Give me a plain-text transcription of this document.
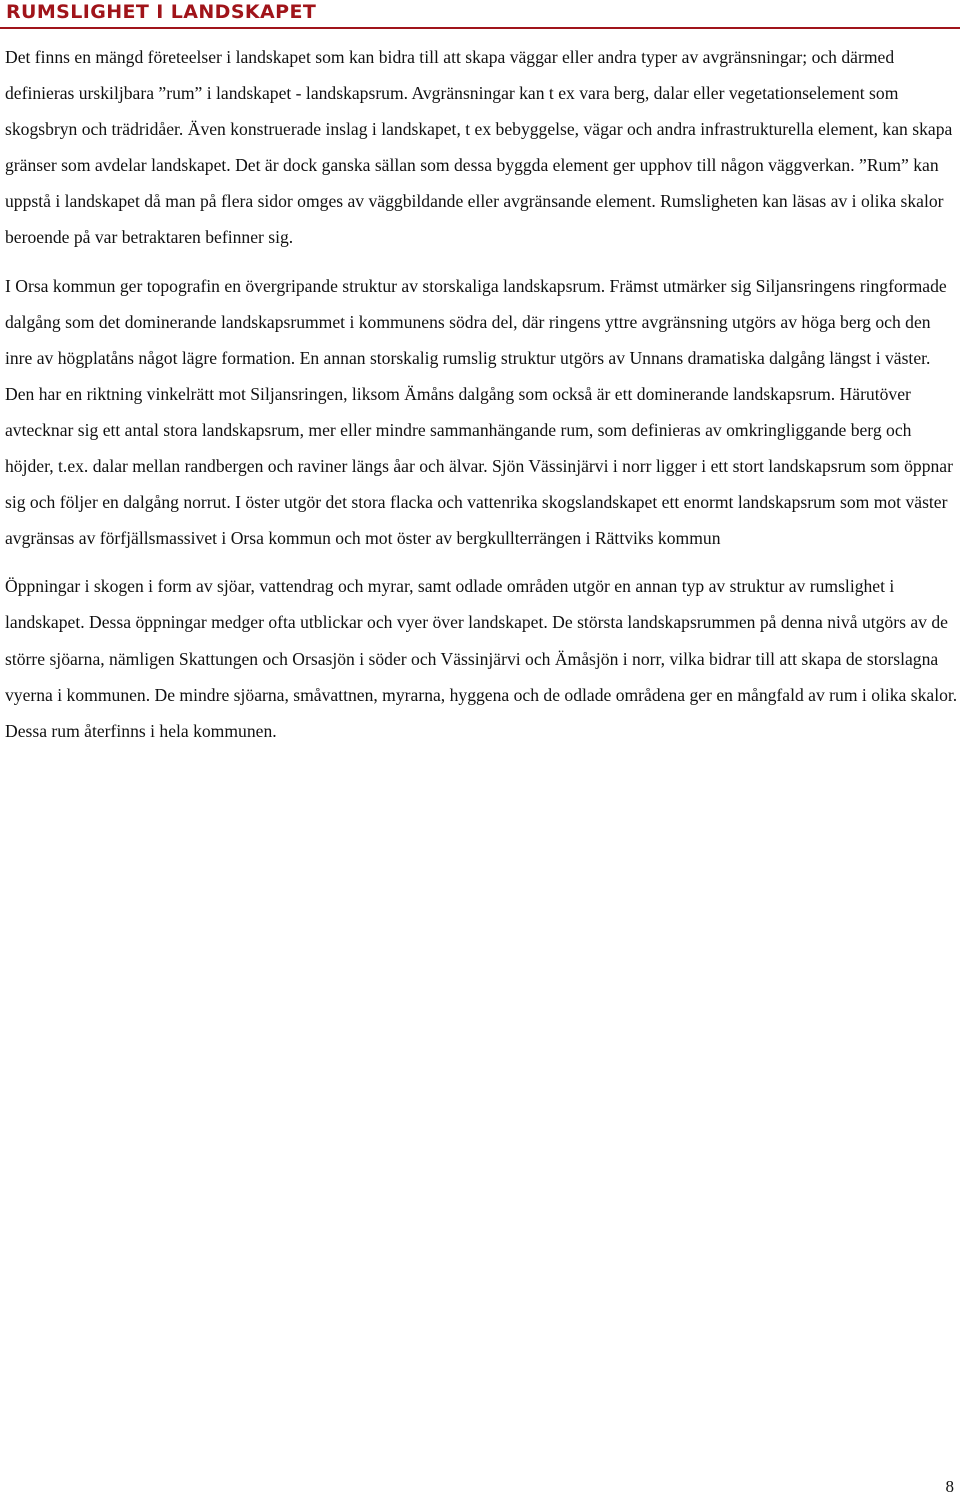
RUMSLIGHET I LANDSKAPET

Det finns en mängd företeelser i landskapet som kan bidra till att skapa väggar eller andra typer av avgränsningar; och därmed definieras urskiljbara ”rum” i landskapet - landskapsrum. Avgränsningar kan t ex vara berg, dalar eller vegetationselement som skogsbryn och trädridåer. Även konstruerade inslag i landskapet, t ex bebyggelse, vägar och andra infrastrukturella element, kan skapa gränser som avdelar landskapet. Det är dock ganska sällan som dessa byggda element ger upphov till någon väggverkan. ”Rum” kan uppstå i landskapet då man på flera sidor omges av väggbildande eller avgränsande element. Rumsligheten kan läsas av i olika skalor beroende på var betraktaren befinner sig.

I Orsa kommun ger topografin en övergripande struktur av storskaliga landskapsrum. Främst utmärker sig Siljansringens ringformade dalgång som det dominerande landskapsrummet i kommunens södra del, där ringens yttre avgränsning utgörs av höga berg och den inre av högplatåns något lägre formation. En annan storskalig rumslig struktur utgörs av Unnans dramatiska dalgång längst i väster. Den har en riktning vinkelrätt mot Siljansringen, liksom Ämåns dalgång som också är ett dominerande landskapsrum. Härutöver avtecknar sig ett antal stora landskapsrum, mer eller mindre sammanhängande rum, som definieras av omkringliggande berg och höjder, t.ex. dalar mellan randbergen och raviner längs åar och älvar. Sjön Vässinjärvi i norr ligger i ett stort landskapsrum som öppnar sig och följer en dalgång norrut. I öster utgör det stora flacka och vattenrika skogslandskapet ett enormt landskapsrum som mot väster avgränsas av förfjällsmassivet i Orsa kommun och mot öster av bergkullterrängen i Rättviks kommun

Öppningar i skogen i form av sjöar, vattendrag och myrar, samt odlade områden utgör en annan typ av struktur av rumslighet i landskapet. Dessa öppningar medger ofta utblickar och vyer över landskapet. De största landskapsrummen på denna nivå utgörs av de större sjöarna, nämligen Skattungen och Orsasjön i söder och Vässinjärvi och Ämåsjön i norr, vilka bidrar till att skapa de storslagna vyerna i kommunen. De mindre sjöarna, småvattnen, myrarna, hyggena och de odlade områdena ger en mångfald av rum i olika skalor. Dessa rum återfinns i hela kommunen.

8
